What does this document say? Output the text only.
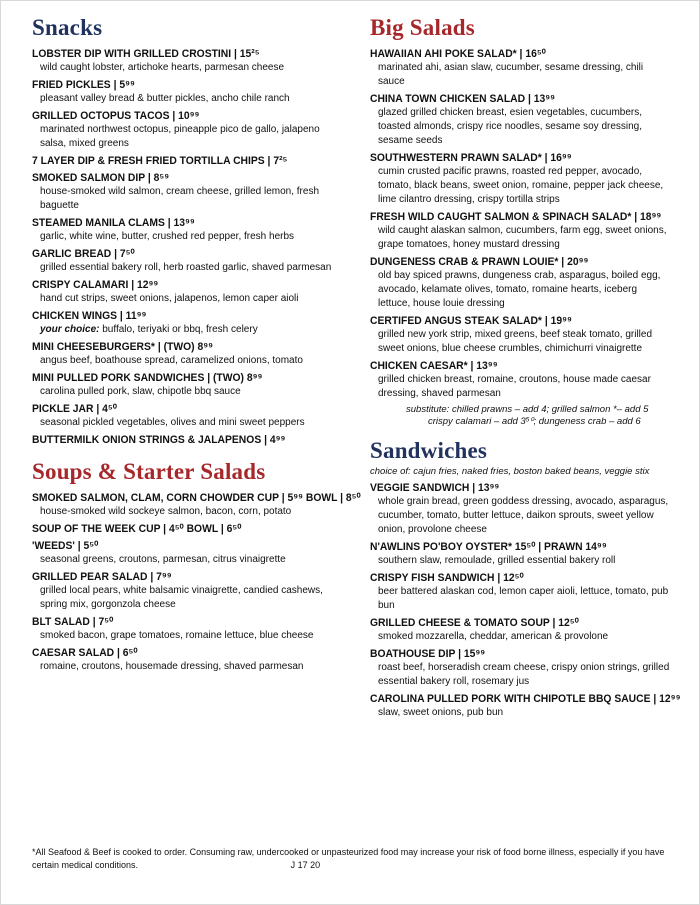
Snacks
LOBSTER DIP WITH GRILLED CROSTINI | 15²⁵
wild caught lobster, artichoke hearts, parmesan cheese
FRIED PICKLES | 5⁹⁹
pleasant valley bread & butter pickles, ancho chile ranch
GRILLED OCTOPUS TACOS | 10⁹⁹
marinated northwest octopus, pineapple pico de gallo, jalapeno salsa, mixed greens
7 LAYER DIP & FRESH FRIED TORTILLA CHIPS | 7²⁵
SMOKED SALMON DIP | 8⁵⁹
house-smoked wild salmon, cream cheese, grilled lemon, fresh baguette
STEAMED MANILA CLAMS | 13⁹⁹
garlic, white wine, butter, crushed red pepper, fresh herbs
GARLIC BREAD | 7⁵⁰
grilled essential bakery roll, herb roasted garlic, shaved parmesan
CRISPY CALAMARI | 12⁹⁹
hand cut strips, sweet onions, jalapenos, lemon caper aioli
CHICKEN WINGS | 11⁹⁹
your choice: buffalo, teriyaki or bbq, fresh celery
MINI CHEESEBURGERS* | (TWO) 8⁹⁹
angus beef, boathouse spread, caramelized onions, tomato
MINI PULLED PORK SANDWICHES | (TWO) 8⁹⁹
carolina pulled pork, slaw, chipotle bbq sauce
PICKLE JAR | 4⁵⁰
seasonal pickled vegetables, olives and mini sweet peppers
BUTTERMILK ONION STRINGS & JALAPENOS | 4⁹⁹
Soups & Starter Salads
SMOKED SALMON, CLAM, CORN CHOWDER CUP | 5⁹⁹ BOWL | 8⁵⁰
house-smoked wild sockeye salmon, bacon, corn, potato
SOUP OF THE WEEK CUP | 4⁵⁰ BOWL | 6⁵⁰
'WEEDS' | 5⁵⁰
seasonal greens, croutons, parmesan, citrus vinaigrette
GRILLED PEAR SALAD | 7⁹⁹
grilled local pears, white balsamic vinaigrette, candied cashews, spring mix, gorgonzola cheese
BLT SALAD | 7⁵⁰
smoked bacon, grape tomatoes, romaine lettuce, blue cheese
CAESAR SALAD | 6⁵⁰
romaine, croutons, housemade dressing, shaved parmesan
Big Salads
HAWAIIAN AHI POKE SALAD* | 16⁵⁰
marinated ahi, asian slaw, cucumber, sesame dressing, chili sauce
CHINA TOWN CHICKEN SALAD | 13⁹⁹
glazed grilled chicken breast, esien vegetables, cucumbers, toasted almonds, crispy rice noodles, sesame soy dressing, sesame seeds
SOUTHWESTERN PRAWN SALAD* | 16⁹⁹
cumin crusted pacific prawns, roasted red pepper, avocado, tomato, black beans, sweet onion, romaine, pepper jack cheese, lime cilantro dressing, crispy tortilla strips
FRESH WILD CAUGHT SALMON & SPINACH SALAD* | 18⁹⁹
wild caught alaskan salmon, cucumbers, farm egg, sweet onions, grape tomatoes, honey mustard dressing
DUNGENESS CRAB & PRAWN LOUIE* | 20⁹⁹
old bay spiced prawns, dungeness crab, asparagus, boiled egg, avocado, kelamate olives, tomato, romaine hearts, iceberg lettuce, house louie dressing
CERTIFED ANGUS STEAK SALAD* | 19⁹⁹
grilled new york strip, mixed greens, beef steak tomato, grilled sweet onions, blue cheese crumbles, chimichurri vinaigrette
CHICKEN CAESAR* | 13⁹⁹
grilled chicken breast, romaine, croutons, house made caesar dressing, shaved parmesan
substitute: chilled prawns – add 4; grilled salmon *– add 5
crispy calamari – add 3⁵⁰; dungeness crab – add 6
Sandwiches
choice of: cajun fries, naked fries, boston baked beans, veggie stix
VEGGIE SANDWICH | 13⁹⁹
whole grain bread, green goddess dressing, avocado, asparagus, cucumber, tomato, butter lettuce, daikon sprouts, sweet yellow onion, provolone cheese
N'AWLINS PO'BOY OYSTER* 15⁵⁰ | PRAWN 14⁹⁹
southern slaw, remoulade, grilled essential bakery roll
CRISPY FISH SANDWICH | 12⁵⁰
beer battered alaskan cod, lemon caper aioli, lettuce, tomato, pub bun
GRILLED CHEESE & TOMATO SOUP | 12⁵⁰
smoked mozzarella, cheddar, american & provolone
BOATHOUSE DIP | 15⁹⁹
roast beef, horseradish cream cheese, crispy onion strings, grilled essential bakery roll, rosemary jus
CAROLINA PULLED PORK WITH CHIPOTLE BBQ SAUCE | 12⁹⁹
slaw, sweet onions, pub bun
*All Seafood & Beef is cooked to order. Consuming raw, undercooked or unpasteurized food may increase your risk of food borne illness, especially if you have certain medical conditions.	J 17 20
